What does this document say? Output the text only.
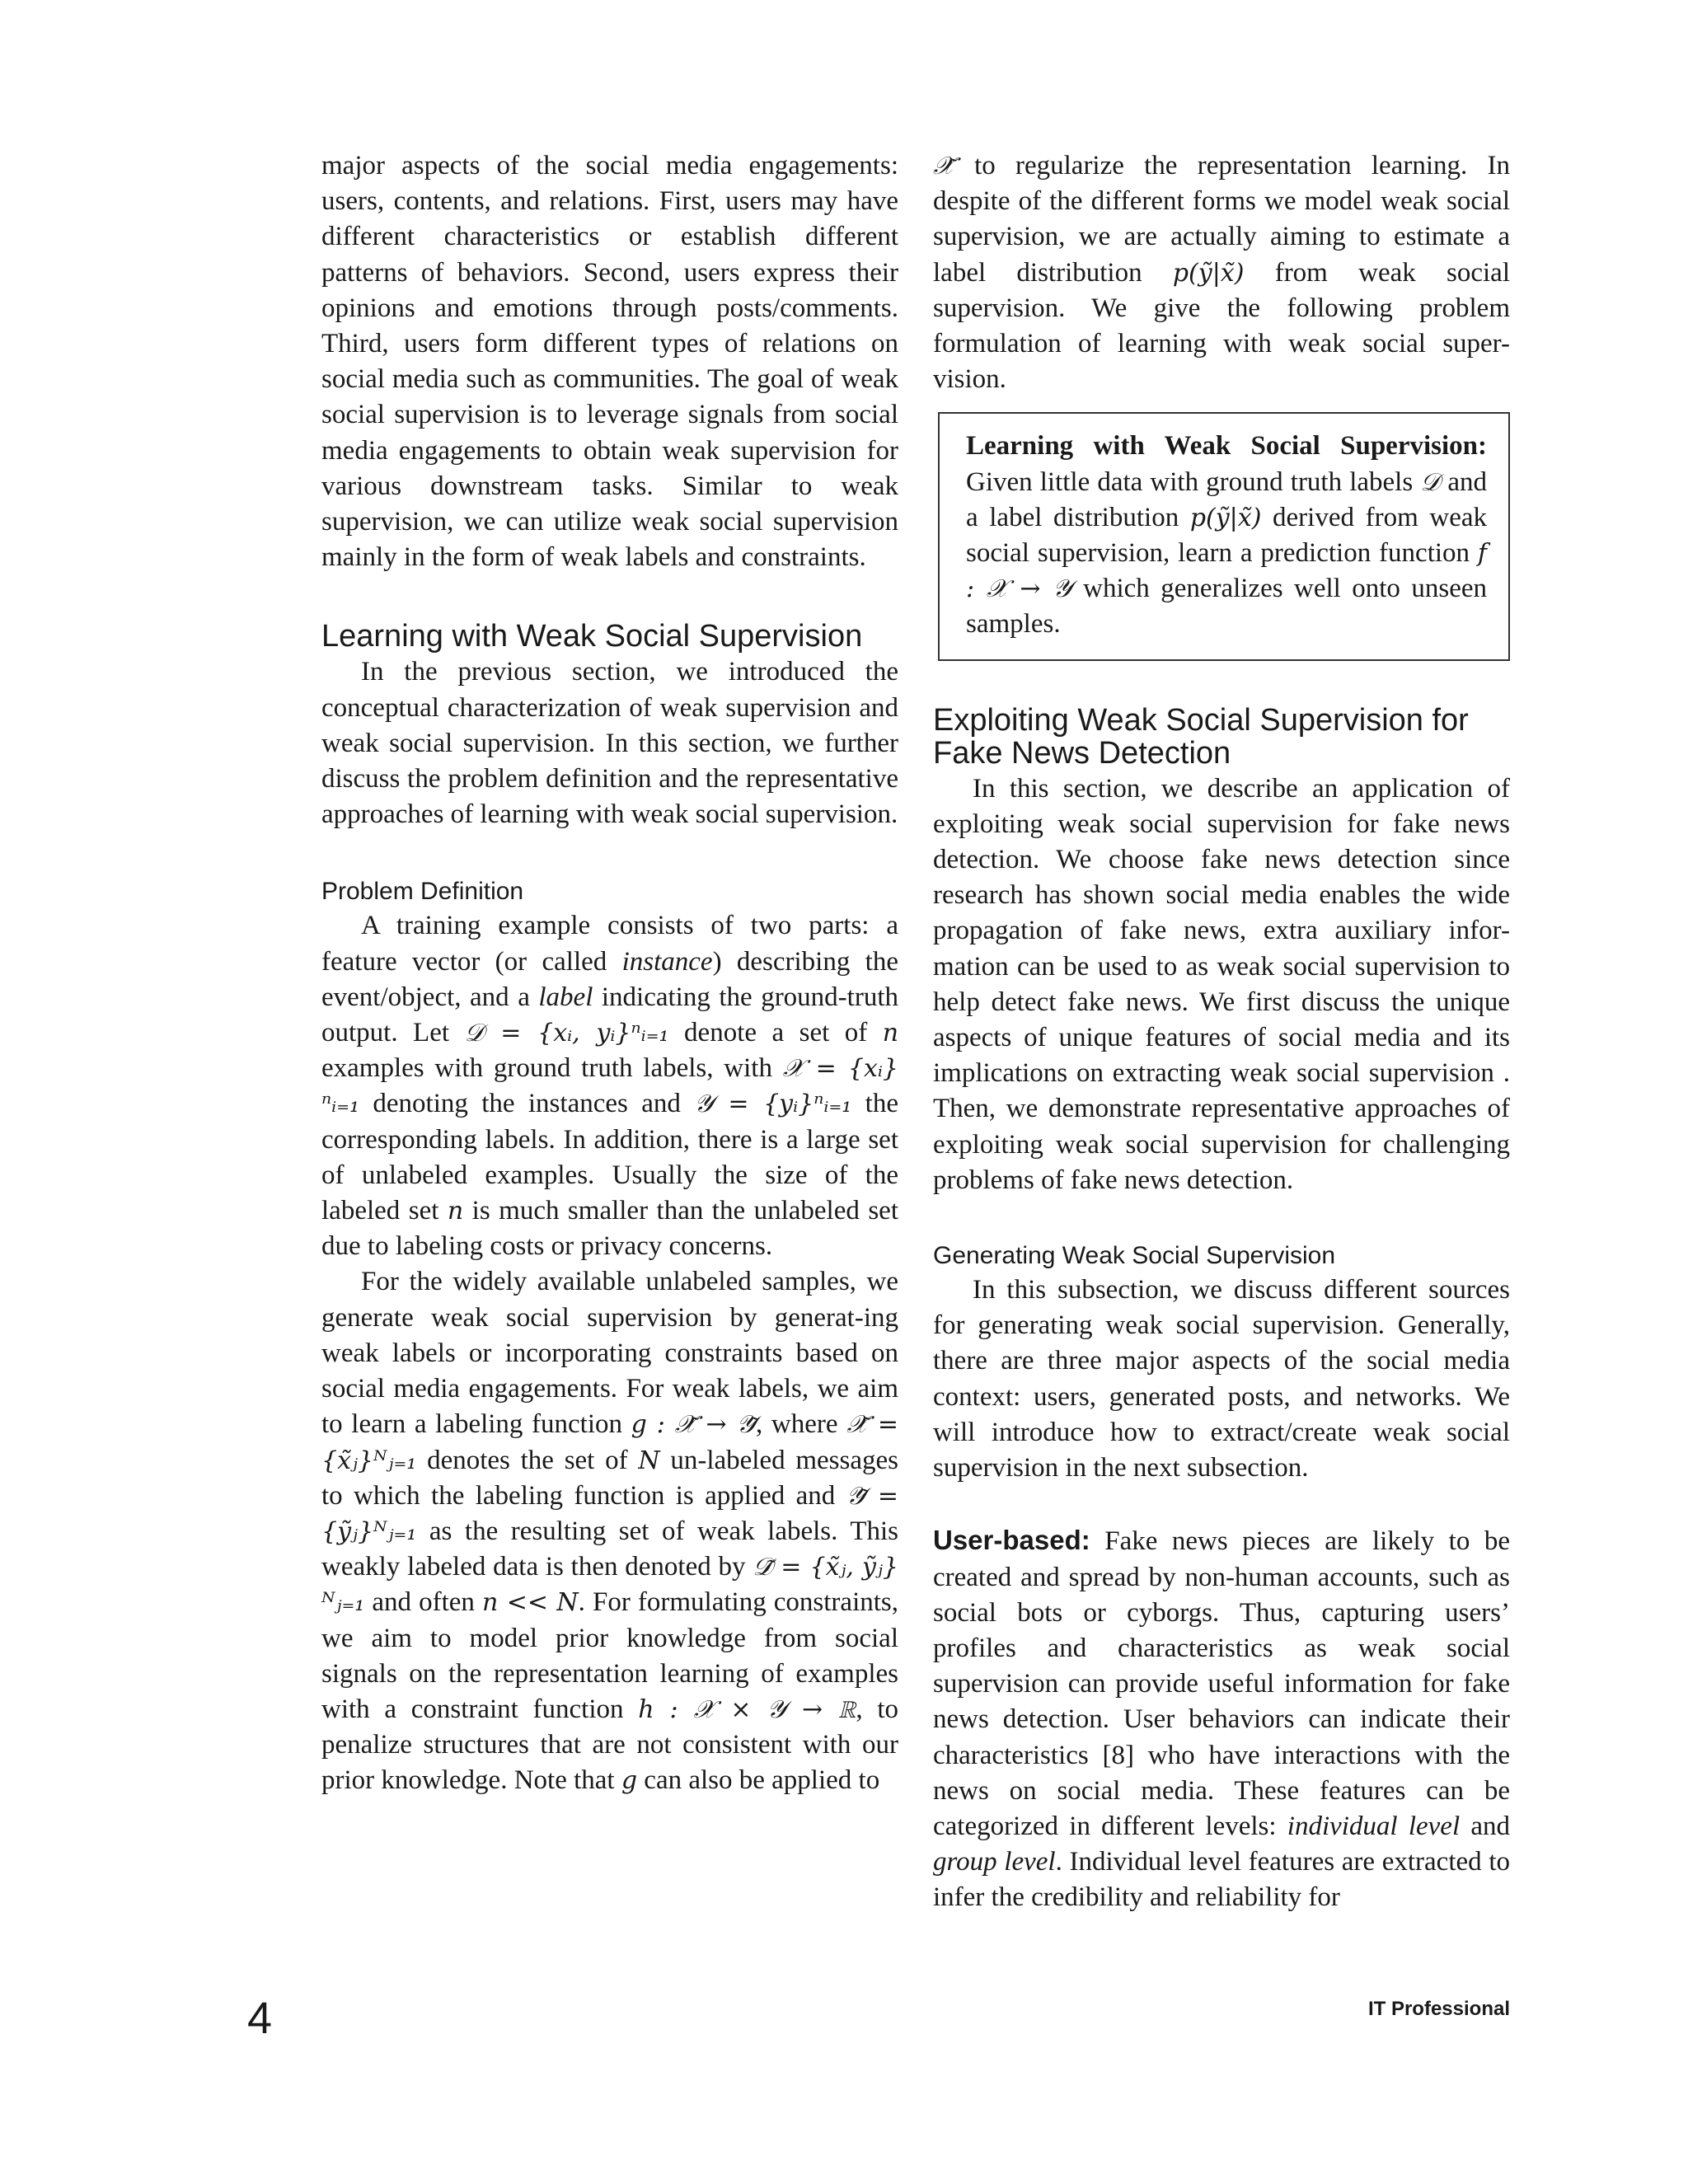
major aspects of the social media engagements: users, contents, and relations. First, users may have different characteristics or establish different patterns of behaviors. Second, users express their opinions and emotions through posts/comments. Third, users form different types of relations on social media such as communities. The goal of weak social supervision is to leverage signals from social media engagements to obtain weak supervision for various downstream tasks. Similar to weak supervision, we can utilize weak social supervision mainly in the form of weak labels and constraints.

Learning with Weak Social Supervision

In the previous section, we introduced the conceptual characterization of weak supervision and weak social supervision. In this section, we further discuss the problem definition and the representative approaches of learning with weak social supervision.

Problem Definition

A training example consists of two parts: a feature vector (or called instance) describing the event/object, and a label indicating the ground-truth output. Let 𝒟 = {xᵢ, yᵢ}ⁿᵢ₌₁ denote a set of n examples with ground truth labels, with 𝒳 = {xᵢ}ⁿᵢ₌₁ denoting the instances and 𝒴 = {yᵢ}ⁿᵢ₌₁ the corresponding labels. In addition, there is a large set of unlabeled examples. Usually the size of the labeled set n is much smaller than the unlabeled set due to labeling costs or privacy concerns.

For the widely available unlabeled samples, we generate weak social supervision by generat-ing weak labels or incorporating constraints based on social media engagements. For weak labels, we aim to learn a labeling function g : 𝒳̃ → 𝒴̃, where 𝒳̃ = {x̃ⱼ}ᴺⱼ₌₁ denotes the set of N un-labeled messages to which the labeling function is applied and 𝒴̃ = {ỹⱼ}ᴺⱼ₌₁ as the resulting set of weak labels. This weakly labeled data is then denoted by 𝒟̃ = {x̃ⱼ, ỹⱼ}ᴺⱼ₌₁ and often n << N. For formulating constraints, we aim to model prior knowledge from social signals on the representation learning of examples with a constraint function h : 𝒳 × 𝒴 → ℝ, to penalize structures that are not consistent with our prior knowledge. Note that g can also be applied to

𝒳̃ to regularize the representation learning. In despite of the different forms we model weak social supervision, we are actually aiming to estimate a label distribution p(ỹ|x̃) from weak social supervision. We give the following problem formulation of learning with weak social super-vision.

Learning with Weak Social Supervision: Given little data with ground truth labels 𝒟 and a label distribution p(ỹ|x̃) derived from weak social supervision, learn a prediction function f : 𝒳 → 𝒴 which generalizes well onto unseen samples.

Exploiting Weak Social Supervision for Fake News Detection

In this section, we describe an application of exploiting weak social supervision for fake news detection. We choose fake news detection since research has shown social media enables the wide propagation of fake news, extra auxiliary infor-mation can be used to as weak social supervision to help detect fake news. We first discuss the unique aspects of unique features of social media and its implications on extracting weak social supervision . Then, we demonstrate representative approaches of exploiting weak social supervision for challenging problems of fake news detection.

Generating Weak Social Supervision

In this subsection, we discuss different sources for generating weak social supervision. Generally, there are three major aspects of the social media context: users, generated posts, and networks. We will introduce how to extract/create weak social supervision in the next subsection.

User-based: Fake news pieces are likely to be created and spread by non-human accounts, such as social bots or cyborgs. Thus, capturing users’ profiles and characteristics as weak social supervision can provide useful information for fake news detection. User behaviors can indicate their characteristics [8] who have interactions with the news on social media. These features can be categorized in different levels: individual level and group level. Individual level features are extracted to infer the credibility and reliability for

4	IT Professional
